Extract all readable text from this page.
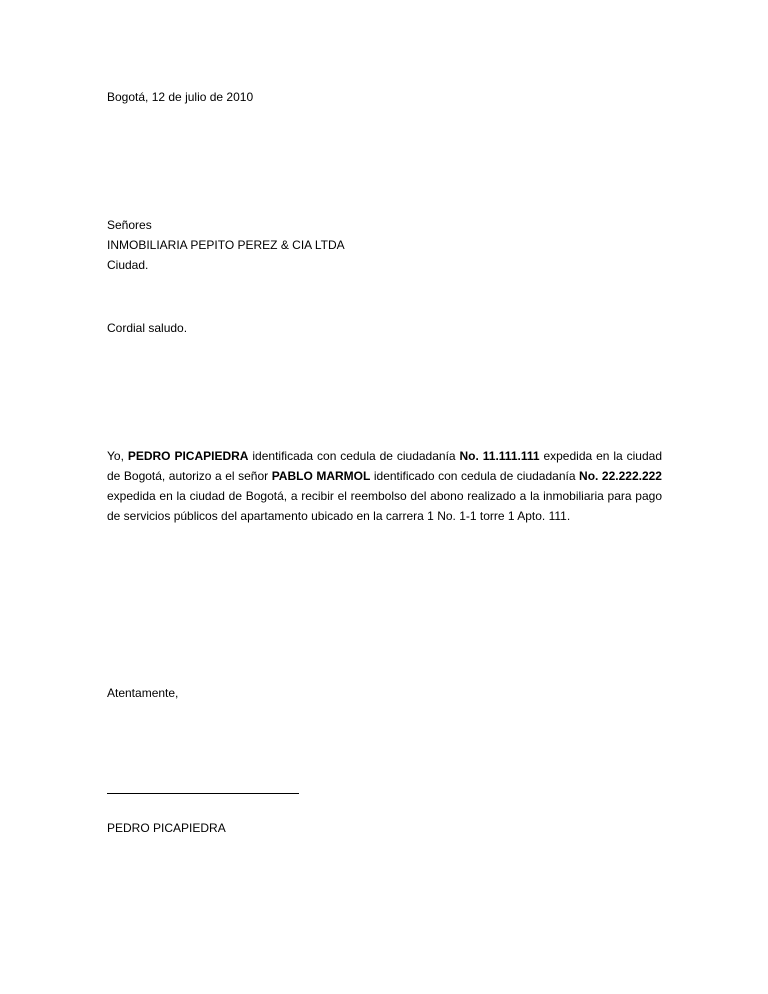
Bogotá, 12 de julio de 2010
Señores
INMOBILIARIA PEPITO PEREZ & CIA LTDA
Ciudad.
Cordial saludo.
Yo, PEDRO PICAPIEDRA identificada con cedula de ciudadanía No. 11.111.111 expedida en la ciudad de Bogotá, autorizo a el señor PABLO MARMOL identificado con cedula de ciudadanía No. 22.222.222 expedida en la ciudad de Bogotá, a recibir el reembolso del abono realizado a la inmobiliaria para pago de servicios públicos del apartamento ubicado en la carrera 1 No. 1-1 torre 1 Apto. 111.
Atentamente,
PEDRO PICAPIEDRA
